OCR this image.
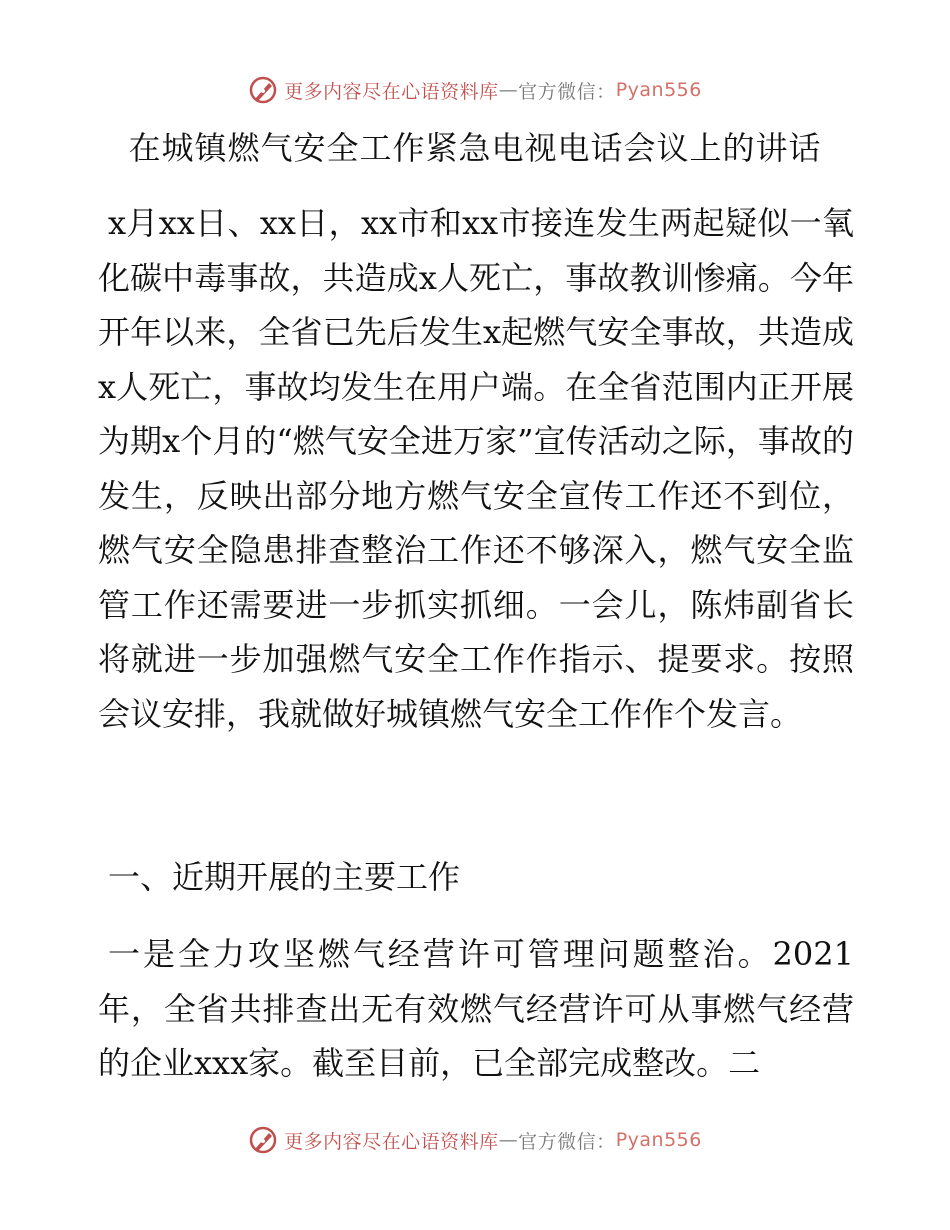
更多内容尽在心语资料库 — 官方微信： Pyan556
在城镇燃气安全工作紧急电视电话会议上的讲话

x月xx日、xx日，xx市和xx市接连发生两起疑似一氧化碳中毒事故，共造成x人死亡，事故教训惨痛。今年开年以来，全省已先后发生x起燃气安全事故，共造成x人死亡，事故均发生在用户端。在全省范围内正开展为期x个月的“燃气安全进万家”宣传活动之际，事故的发生，反映出部分地方燃气安全宣传工作还不到位，燃气安全隐患排查整治工作还不够深入，燃气安全监管工作还需要进一步抓实抓细。一会儿，陈炜副省长将就进一步加强燃气安全工作作指示、提要求。按照会议安排，我就做好城镇燃气安全工作作个发言。

一、近期开展的主要工作

一是全力攻坚燃气经营许可管理问题整治。2021年，全省共排查出无有效燃气经营许可从事燃气经营的企业xxx家。截至目前，已全部完成整改。二

更多内容尽在心语资料库 — 官方微信： Pyan556
